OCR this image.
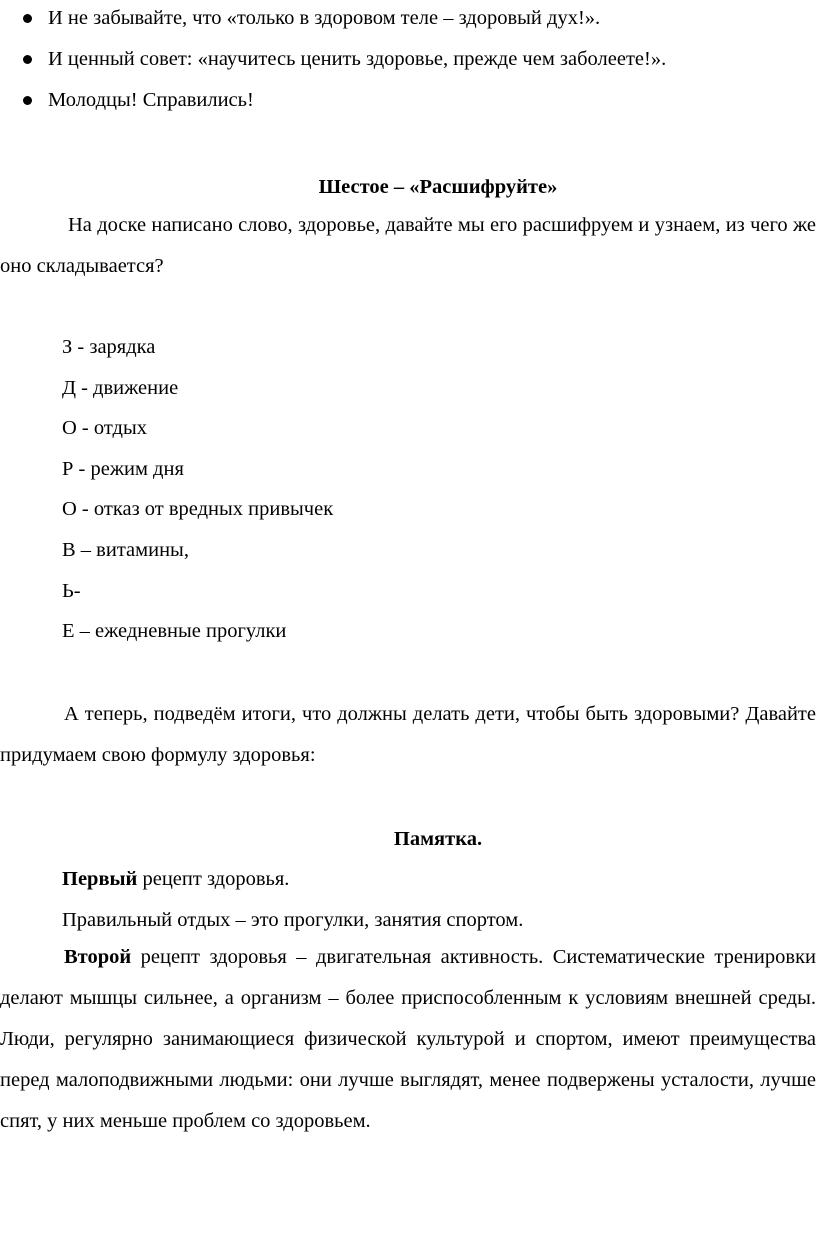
И не забывайте, что «только в здоровом теле – здоровый дух!».
И ценный совет: «научитесь ценить здоровье, прежде чем заболеете!».
Молодцы! Справились!
Шестое – «Расшифруйте»
На доске написано слово, здоровье, давайте мы его расшифруем и узнаем, из чего же оно складывается?
З - зарядка
Д - движение
О - отдых
Р - режим дня
О - отказ от вредных привычек
В – витамины,
Ь-
Е – ежедневные прогулки
А теперь, подведём итоги, что должны делать дети, чтобы быть здоровыми? Давайте придумаем свою формулу здоровья:
Памятка.
Первый рецепт здоровья.
Правильный отдых – это прогулки, занятия спортом.
Второй рецепт здоровья – двигательная активность. Систематические тренировки делают мышцы сильнее, а организм – более приспособленным к условиям внешней среды. Люди, регулярно занимающиеся физической культурой и спортом, имеют преимущества перед малоподвижными людьми: они лучше выглядят, менее подвержены усталости, лучше спят, у них меньше проблем со здоровьем.
